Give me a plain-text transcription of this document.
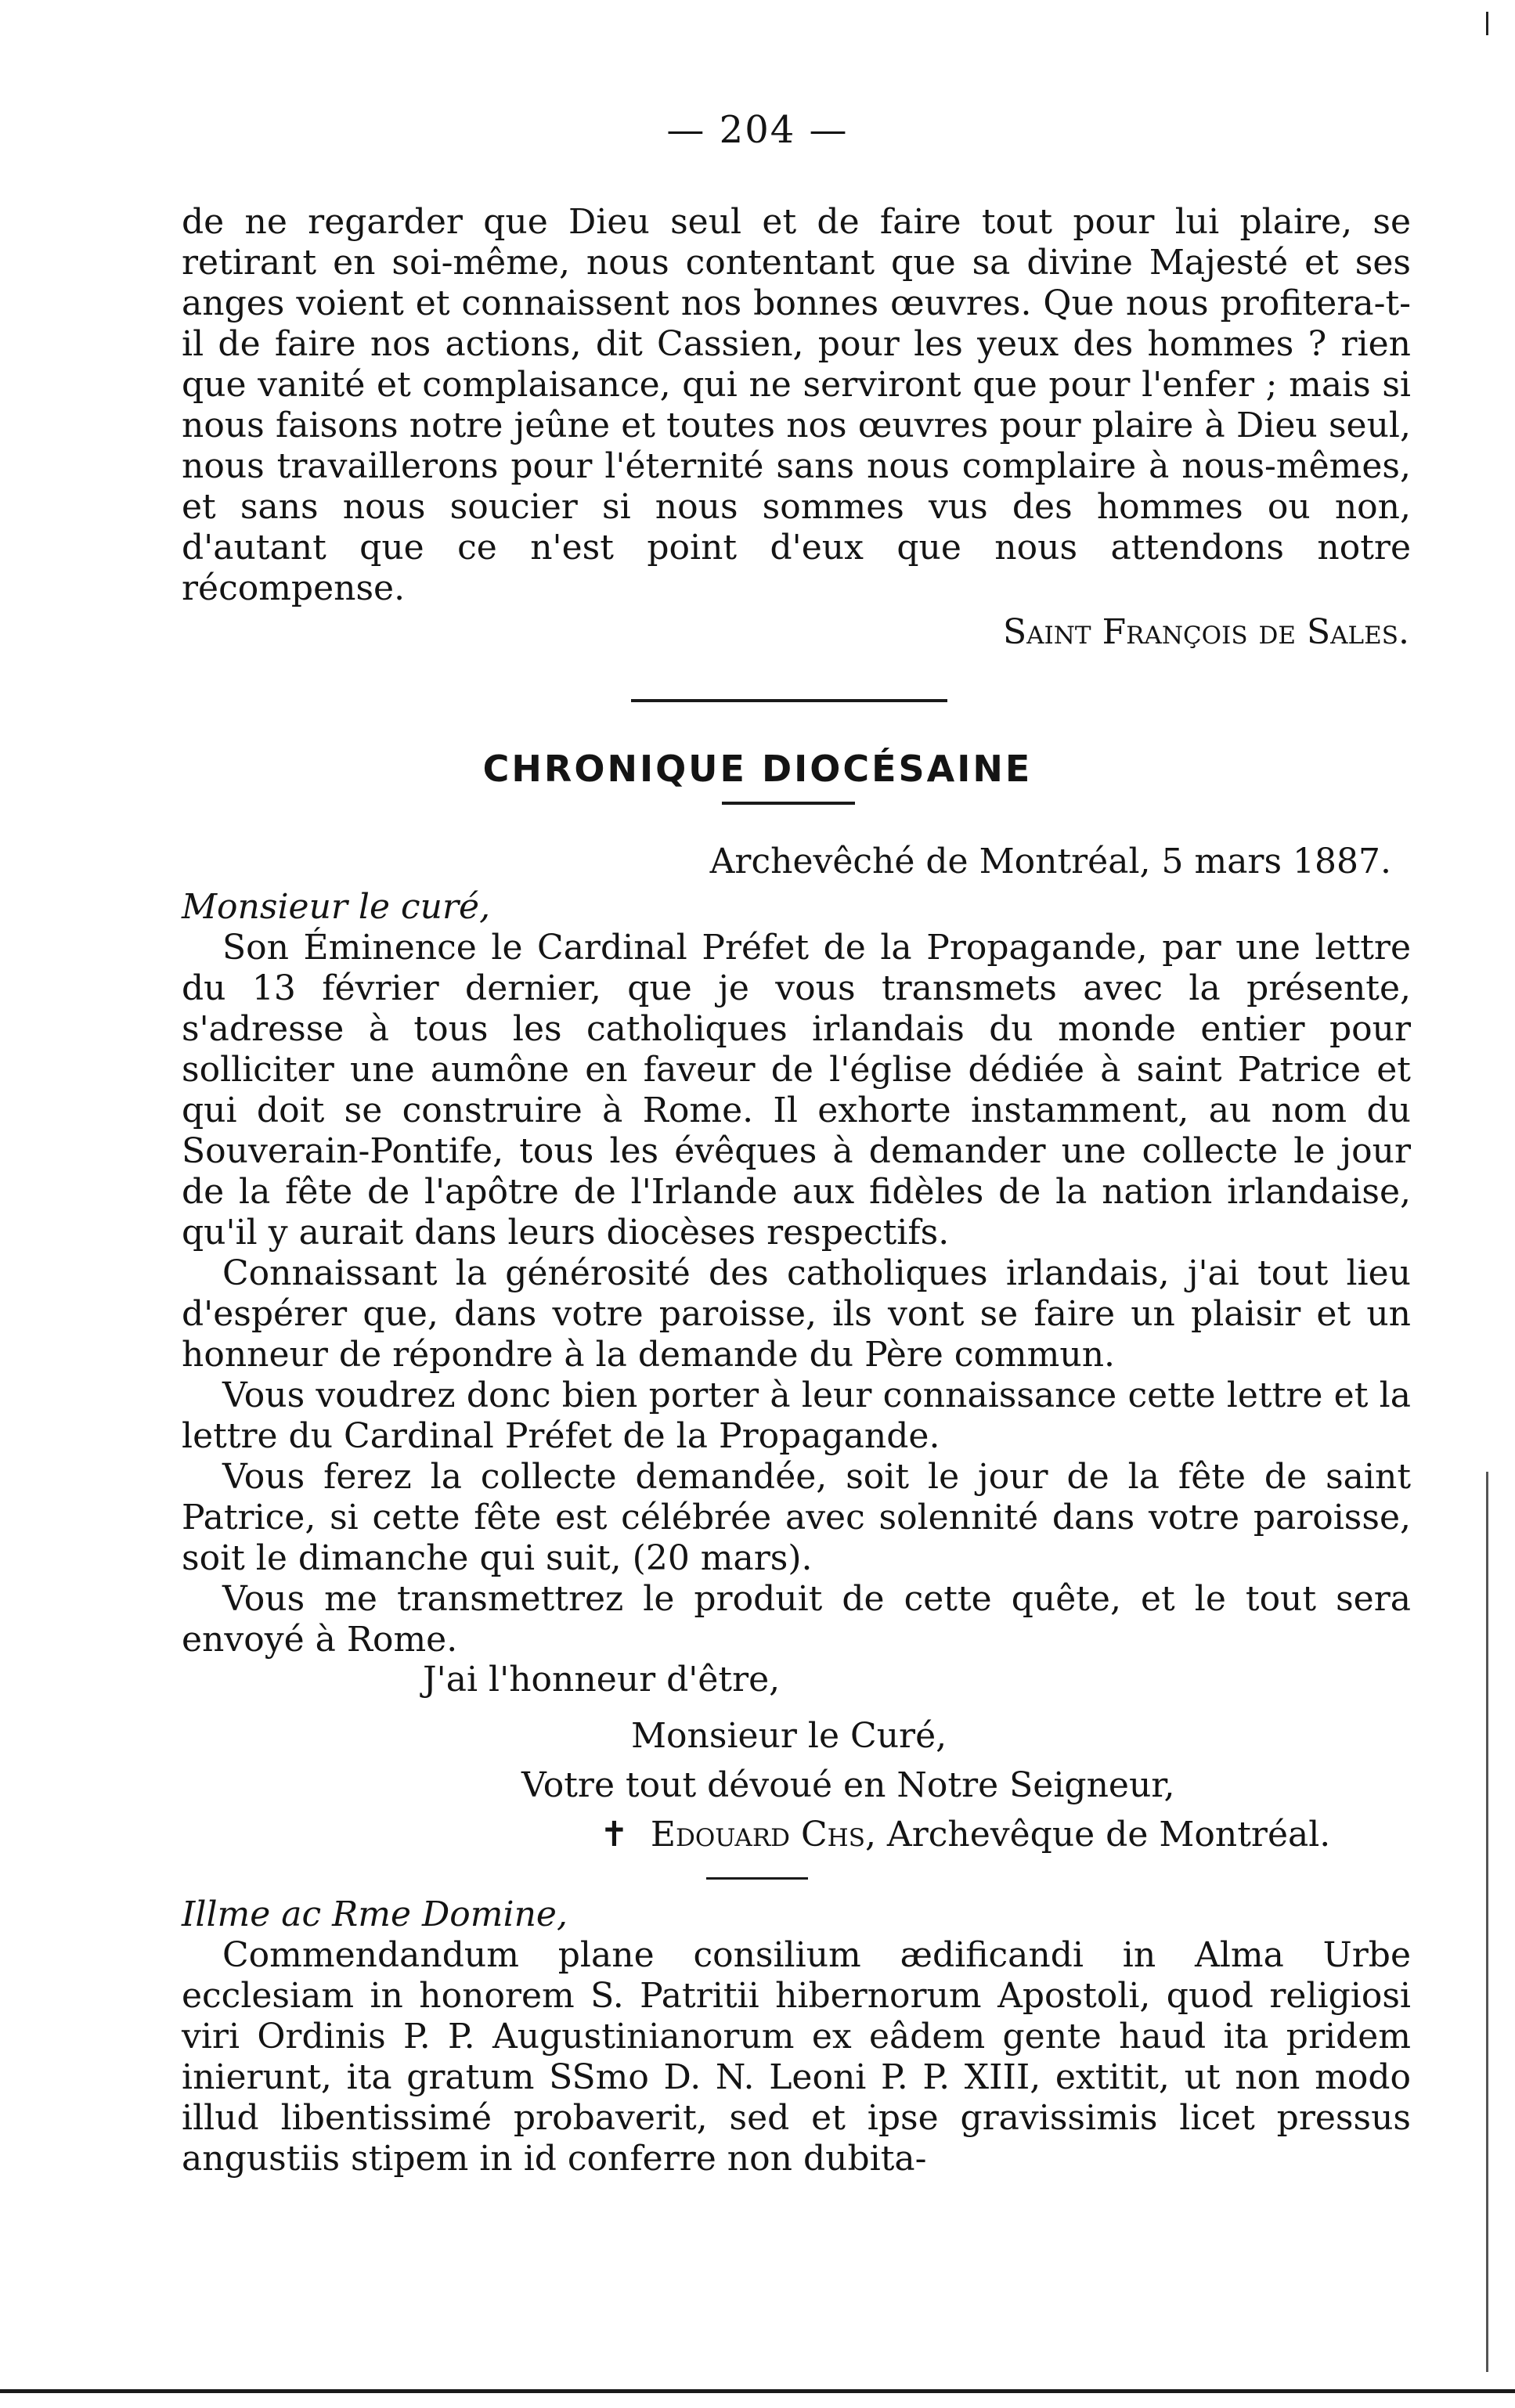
— 204 —

de ne regarder que Dieu seul et de faire tout pour lui plaire, se retirant en soi-même, nous contentant que sa divine Majesté et ses anges voient et connaissent nos bonnes œuvres. Que nous profitera-t-il de faire nos actions, dit Cassien, pour les yeux des hommes ? rien que vanité et complaisance, qui ne serviront que pour l'enfer ; mais si nous faisons notre jeûne et toutes nos œuvres pour plaire à Dieu seul, nous travaillerons pour l'éternité sans nous complaire à nous-mêmes, et sans nous soucier si nous sommes vus des hommes ou non, d'autant que ce n'est point d'eux que nous attendons notre récompense.

Saint François de Sales.

CHRONIQUE DIOCÉSAINE
Archevêché de Montréal, 5 mars 1887.

Monsieur le curé,

Son Éminence le Cardinal Préfet de la Propagande, par une lettre du 13 février dernier, que je vous transmets avec la présente, s'adresse à tous les catholiques irlandais du monde entier pour solliciter une aumône en faveur de l'église dédiée à saint Patrice et qui doit se construire à Rome. Il exhorte instamment, au nom du Souverain-Pontife, tous les évêques à demander une collecte le jour de la fête de l'apôtre de l'Irlande aux fidèles de la nation irlandaise, qu'il y aurait dans leurs diocèses respectifs.

Connaissant la générosité des catholiques irlandais, j'ai tout lieu d'espérer que, dans votre paroisse, ils vont se faire un plaisir et un honneur de répondre à la demande du Père commun.

Vous voudrez donc bien porter à leur connaissance cette lettre et la lettre du Cardinal Préfet de la Propagande.

Vous ferez la collecte demandée, soit le jour de la fête de saint Patrice, si cette fête est célébrée avec solennité dans votre paroisse, soit le dimanche qui suit, (20 mars).

Vous me transmettrez le produit de cette quête, et le tout sera envoyé à Rome.

J'ai l'honneur d'être,
Monsieur le Curé,
Votre tout dévoué en Notre Seigneur,
✝ Edouard Chs, Archevêque de Montréal.

Illme ac Rme Domine,

Commendandum plane consilium ædificandi in Alma Urbe ecclesiam in honorem S. Patritii hibernorum Apostoli, quod religiosi viri Ordinis P. P. Augustinianorum ex eâdem gente haud ita pridem inierunt, ita gratum SSmo D. N. Leoni P. P. XIII, extitit, ut non modo illud libentissimé probaverit, sed et ipse gravissimis licet pressus angustiis stipem in id conferre non dubita-
